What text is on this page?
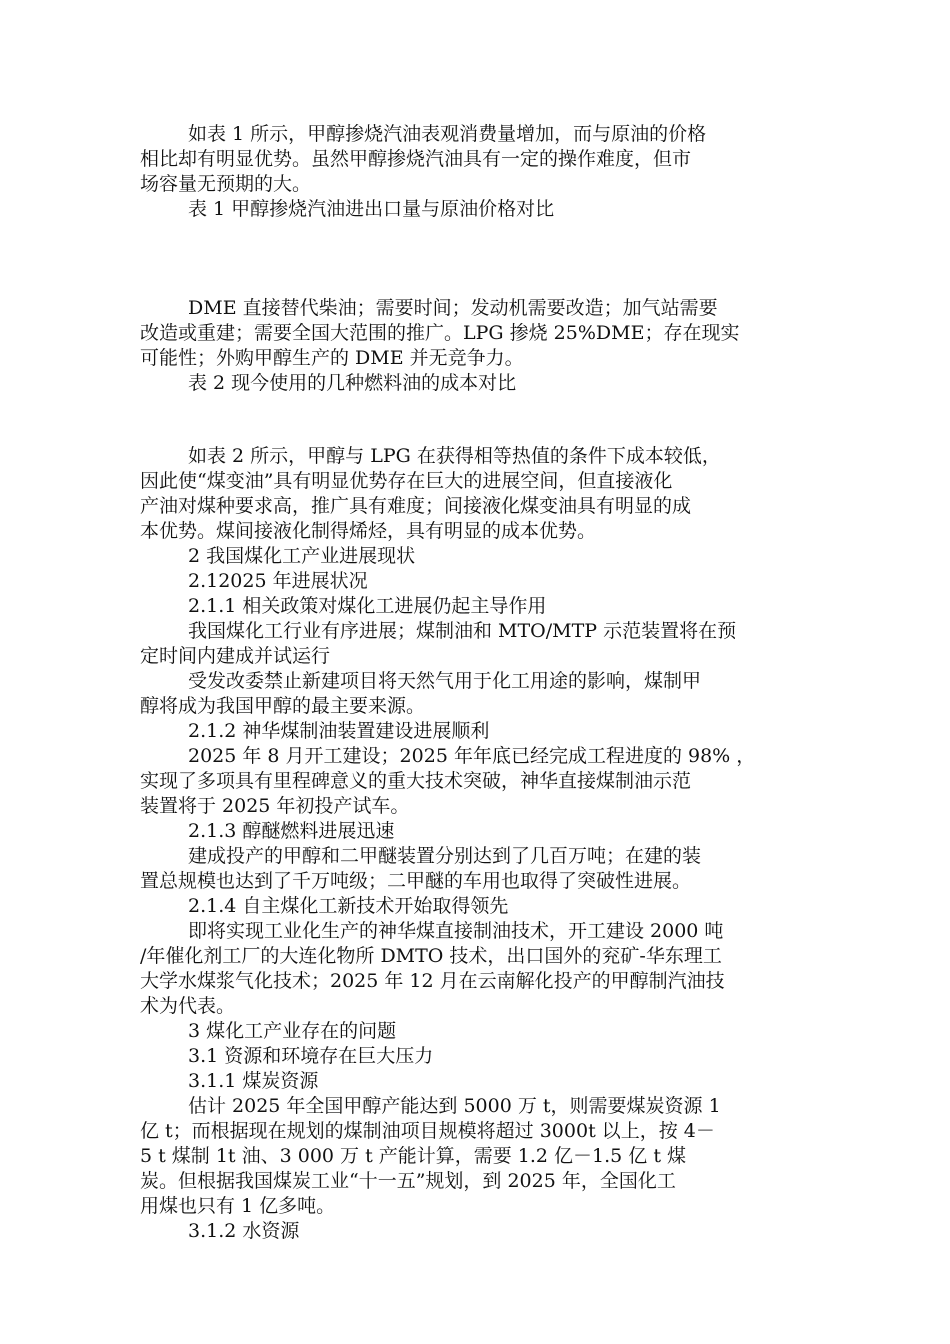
如表 1 所示，甲醇掺烧汽油表观消费量增加，而与原油的价格
相比却有明显优势。虽然甲醇掺烧汽油具有一定的操作难度，但市
场容量无预期的大。
表 1 甲醇掺烧汽油进出口量与原油价格对比
DME 直接替代柴油；需要时间；发动机需要改造；加气站需要
改造或重建；需要全国大范围的推广。LPG 掺烧 25%DME；存在现实
可能性；外购甲醇生产的 DME 并无竞争力。
表 2 现今使用的几种燃料油的成本对比
如表 2 所示，甲醇与 LPG 在获得相等热值的条件下成本较低，
因此使“煤变油”具有明显优势存在巨大的进展空间，但直接液化
产油对煤种要求高，推广具有难度；间接液化煤变油具有明显的成
本优势。煤间接液化制得烯烃，具有明显的成本优势。
2 我国煤化工产业进展现状
2.12025 年进展状况
2.1.1 相关政策对煤化工进展仍起主导作用
我国煤化工行业有序进展；煤制油和 MTO/MTP 示范装置将在预
定时间内建成并试运行
受发改委禁止新建项目将天然气用于化工用途的影响，煤制甲
醇将成为我国甲醇的最主要来源。
2.1.2 神华煤制油装置建设进展顺利
2025 年 8 月开工建设；2025 年年底已经完成工程进度的 98% ，
实现了多项具有里程碑意义的重大技术突破，神华直接煤制油示范
装置将于 2025 年初投产试车。
2.1.3 醇醚燃料进展迅速
建成投产的甲醇和二甲醚装置分别达到了几百万吨；在建的装
置总规模也达到了千万吨级；二甲醚的车用也取得了突破性进展。
2.1.4 自主煤化工新技术开始取得领先
即将实现工业化生产的神华煤直接制油技术，开工建设 2000 吨
/年催化剂工厂的大连化物所 DMTO 技术，出口国外的兖矿-华东理工
大学水煤浆气化技术；2025 年 12 月在云南解化投产的甲醇制汽油技
术为代表。
3 煤化工产业存在的问题
3.1 资源和环境存在巨大压力
3.1.1 煤炭资源
估计 2025 年全国甲醇产能达到 5000 万 t，则需要煤炭资源 1
亿 t；而根据现在规划的煤制油项目规模将超过 3000t 以上，按 4－
5 t 煤制 1t 油、3 000 万 t 产能计算，需要 1.2 亿－1.5 亿 t 煤
炭。但根据我国煤炭工业“十一五”规划，到 2025 年，全国化工
用煤也只有 1 亿多吨。
3.1.2 水资源
